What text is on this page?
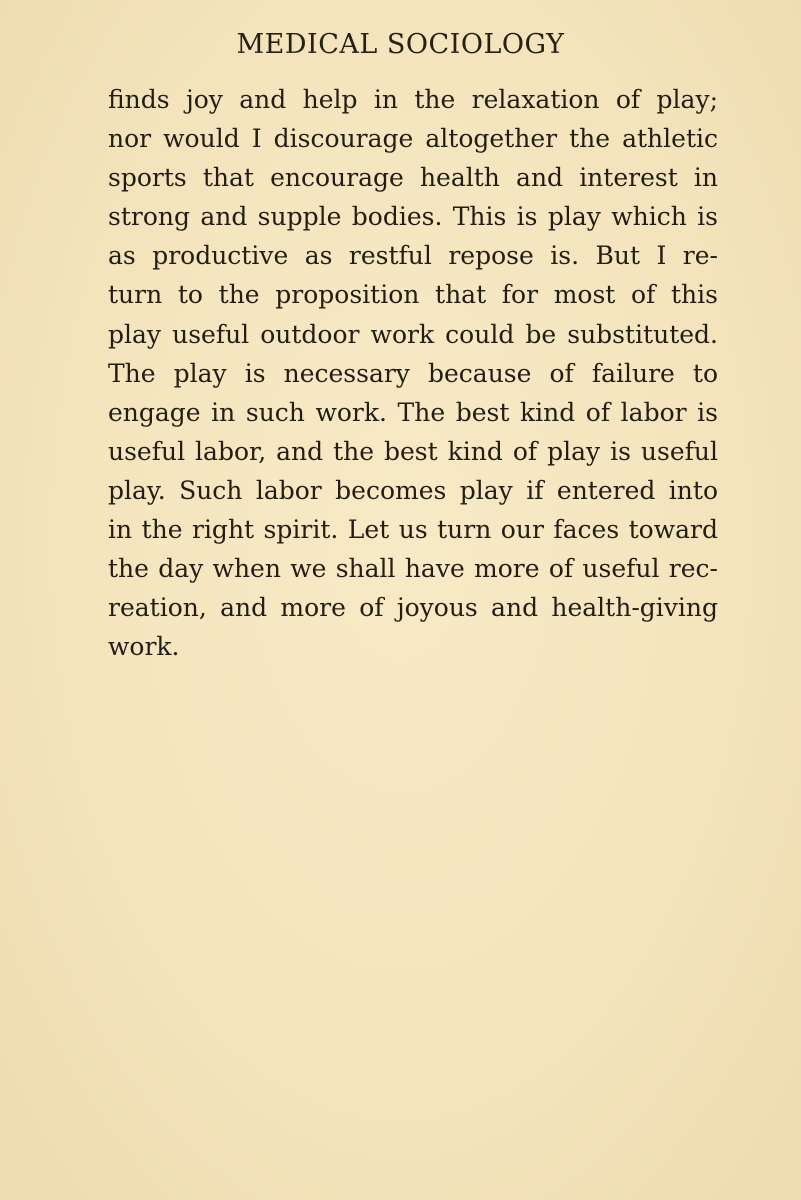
MEDICAL SOCIOLOGY
finds joy and help in the relaxation of play;
nor would I discourage altogether the athletic
sports that encourage health and interest in
strong and supple bodies. This is play which is
as productive as restful repose is. But I re-
turn to the proposition that for most of this
play useful outdoor work could be substituted.
The play is necessary because of failure to
engage in such work. The best kind of labor is
useful labor, and the best kind of play is useful
play. Such labor becomes play if entered into
in the right spirit. Let us turn our faces toward
the day when we shall have more of useful rec-
reation, and more of joyous and health-giving
work.
